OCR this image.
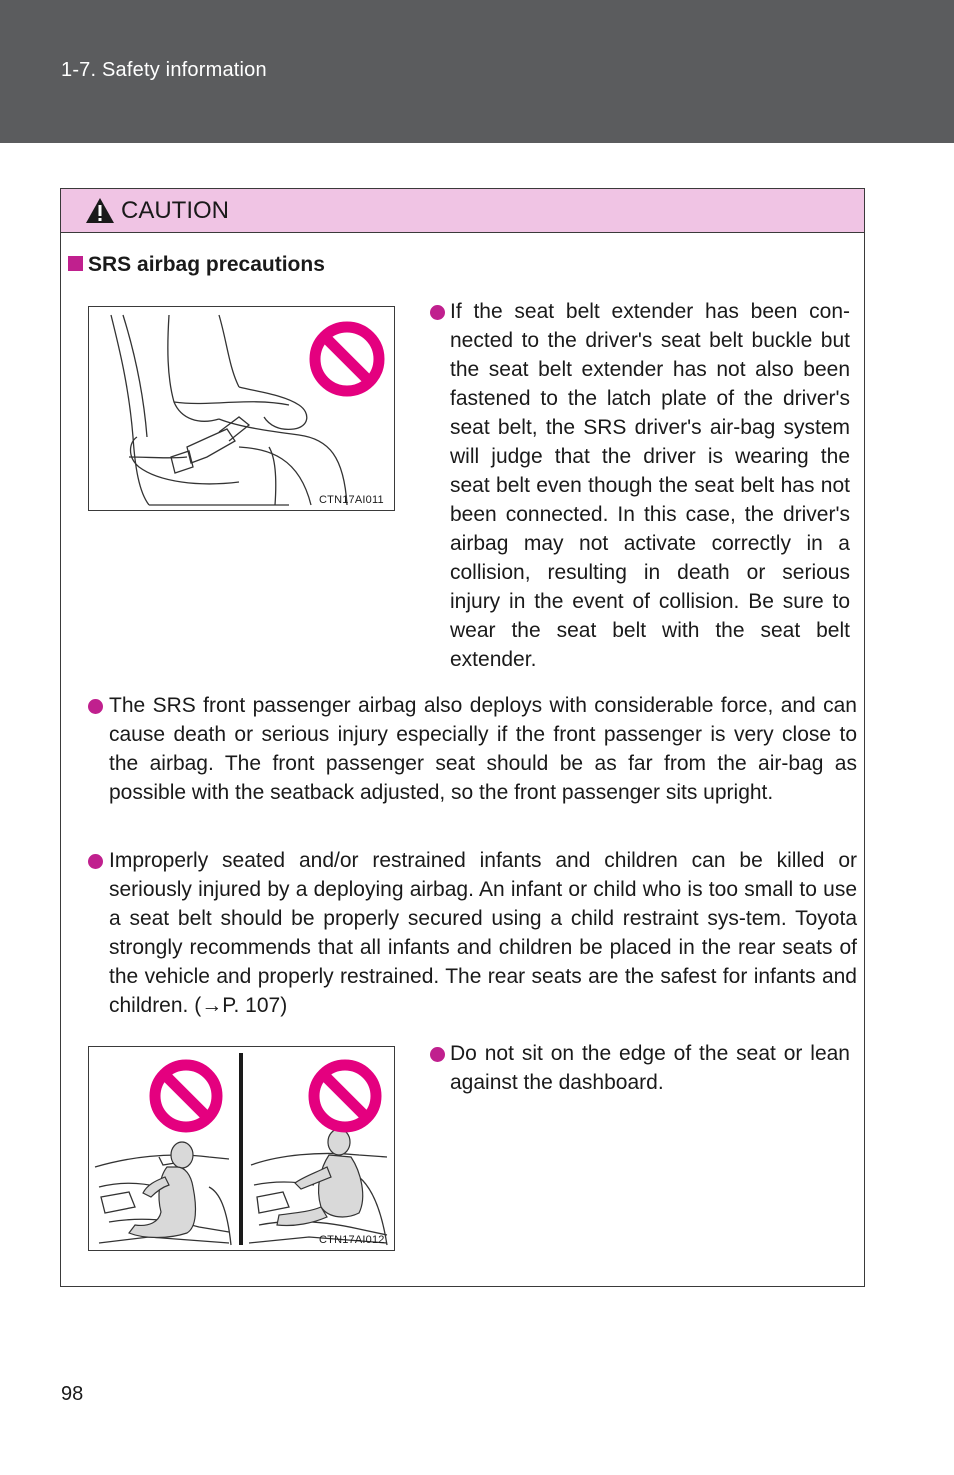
1-7. Safety information
CAUTION
SRS airbag precautions
CTN17AI011
If the seat belt extender has been con-nected to the driver's seat belt buckle but the seat belt extender has not also been fastened to the latch plate of the driver's seat belt, the SRS driver's air-bag system will judge that the driver is wearing the seat belt even though the seat belt has not been connected. In this case, the driver's airbag may not activate correctly in a collision, resulting in death or serious injury in the event of collision. Be sure to wear the seat belt with the seat belt extender.
The SRS front passenger airbag also deploys with considerable force, and can cause death or serious injury especially if the front passenger is very close to the airbag. The front passenger seat should be as far from the air-bag as possible with the seatback adjusted, so the front passenger sits upright.
Improperly seated and/or restrained infants and children can be killed or seriously injured by a deploying airbag. An infant or child who is too small to use a seat belt should be properly secured using a child restraint sys-tem. Toyota strongly recommends that all infants and children be placed in the rear seats of the vehicle and properly restrained. The rear seats are the safest for infants and children. (→P. 107)
CTN17AI012
Do not sit on the edge of the seat or lean against the dashboard.
98
